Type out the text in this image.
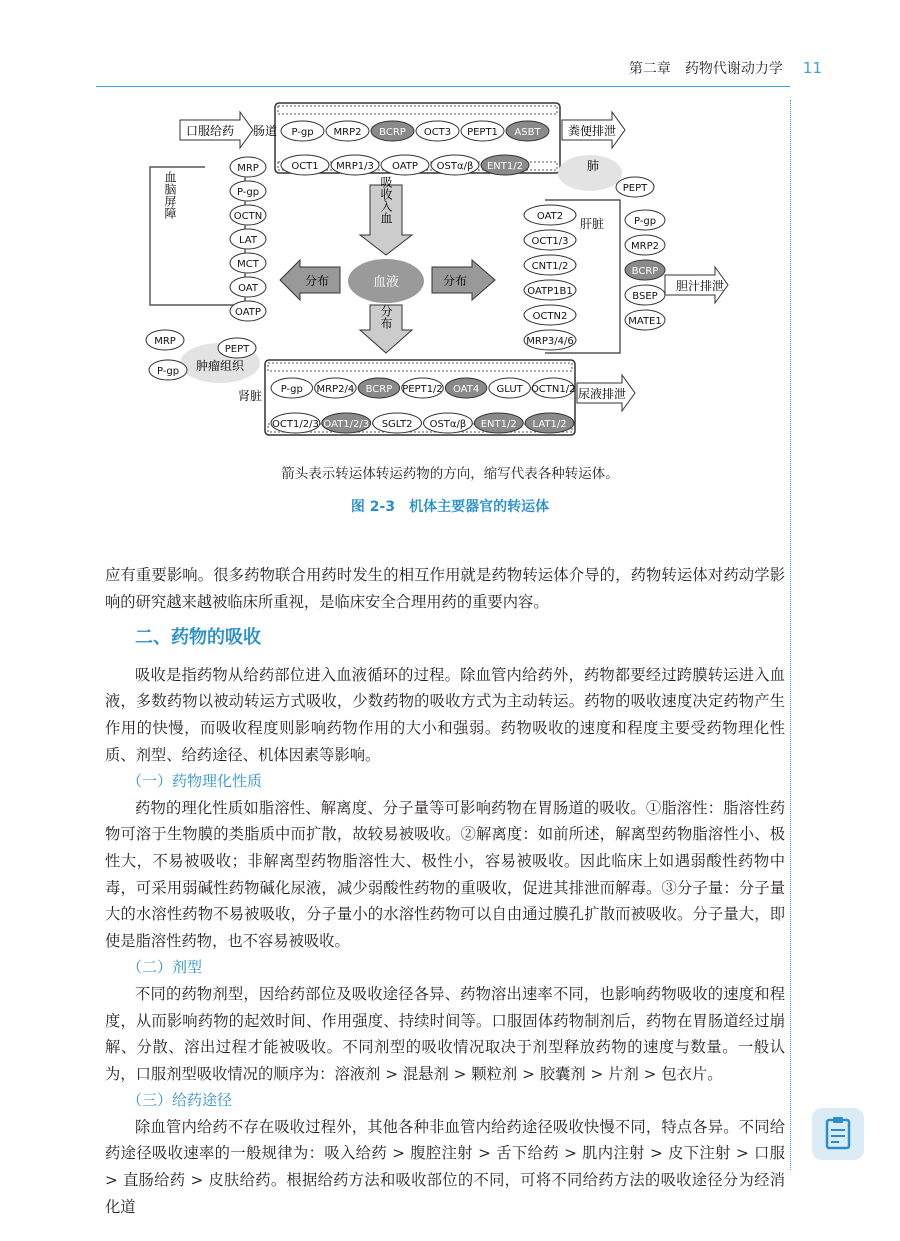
第二章　药物代谢动力学 11
血液
吸收入血
分布
分布	分布
口服给药 肠道	粪便排泄
肺
胆汁排泄
肝脏
尿液排泄
肾脏
肿瘤组织
血脑屏障
P-gp MRP2 BCRP OCT3 PEPT1 ASBT
OCT1 MRP1/3 OATP OSTα/β ENT1/2
PEPT
MRP
P-gp
OCTN
LAT
MCT
OAT
OATP
OAT2
OCT1/3
CNT1/2
OATP1B1
OCTN2
MRP3/4/6
P-gp
MRP2
BCRP
BSEP
MATE1
MRP
PEPT
P-gp
P-gp MRP2/4 BCRP PEPT1/2 OAT4 GLUT OCTN1/2
OCT1/2/3 OAT1/2/3 SGLT2 OSTα/β ENT1/2 LAT1/2
箭头表示转运体转运药物的方向，缩写代表各种转运体。
图 2-3　机体主要器官的转运体

应有重要影响。很多药物联合用药时发生的相互作用就是药物转运体介导的，药物转运体对药动学影响的研究越来越被临床所重视，是临床安全合理用药的重要内容。

二、药物的吸收

吸收是指药物从给药部位进入血液循环的过程。除血管内给药外，药物都要经过跨膜转运进入血液，多数药物以被动转运方式吸收，少数药物的吸收方式为主动转运。药物的吸收速度决定药物产生作用的快慢，而吸收程度则影响药物作用的大小和强弱。药物吸收的速度和程度主要受药物理化性质、剂型、给药途径、机体因素等影响。

（一）药物理化性质

药物的理化性质如脂溶性、解离度、分子量等可影响药物在胃肠道的吸收。①脂溶性：脂溶性药物可溶于生物膜的类脂质中而扩散，故较易被吸收。②解离度：如前所述，解离型药物脂溶性小、极性大，不易被吸收；非解离型药物脂溶性大、极性小，容易被吸收。因此临床上如遇弱酸性药物中毒，可采用弱碱性药物碱化尿液，减少弱酸性药物的重吸收，促进其排泄而解毒。③分子量：分子量大的水溶性药物不易被吸收，分子量小的水溶性药物可以自由通过膜孔扩散而被吸收。分子量大，即使是脂溶性药物，也不容易被吸收。

（二）剂型

不同的药物剂型，因给药部位及吸收途径各异、药物溶出速率不同，也影响药物吸收的速度和程度，从而影响药物的起效时间、作用强度、持续时间等。口服固体药物制剂后，药物在胃肠道经过崩解、分散、溶出过程才能被吸收。不同剂型的吸收情况取决于剂型释放药物的速度与数量。一般认为，口服剂型吸收情况的顺序为：溶液剂 > 混悬剂 > 颗粒剂 > 胶囊剂 > 片剂 > 包衣片。

（三）给药途径

除血管内给药不存在吸收过程外，其他各种非血管内给药途径吸收快慢不同，特点各异。不同给药途径吸收速率的一般规律为：吸入给药 > 腹腔注射 > 舌下给药 > 肌内注射 > 皮下注射 > 口服 > 直肠给药 > 皮肤给药。根据给药方法和吸收部位的不同，可将不同给药方法的吸收途径分为经消化道
